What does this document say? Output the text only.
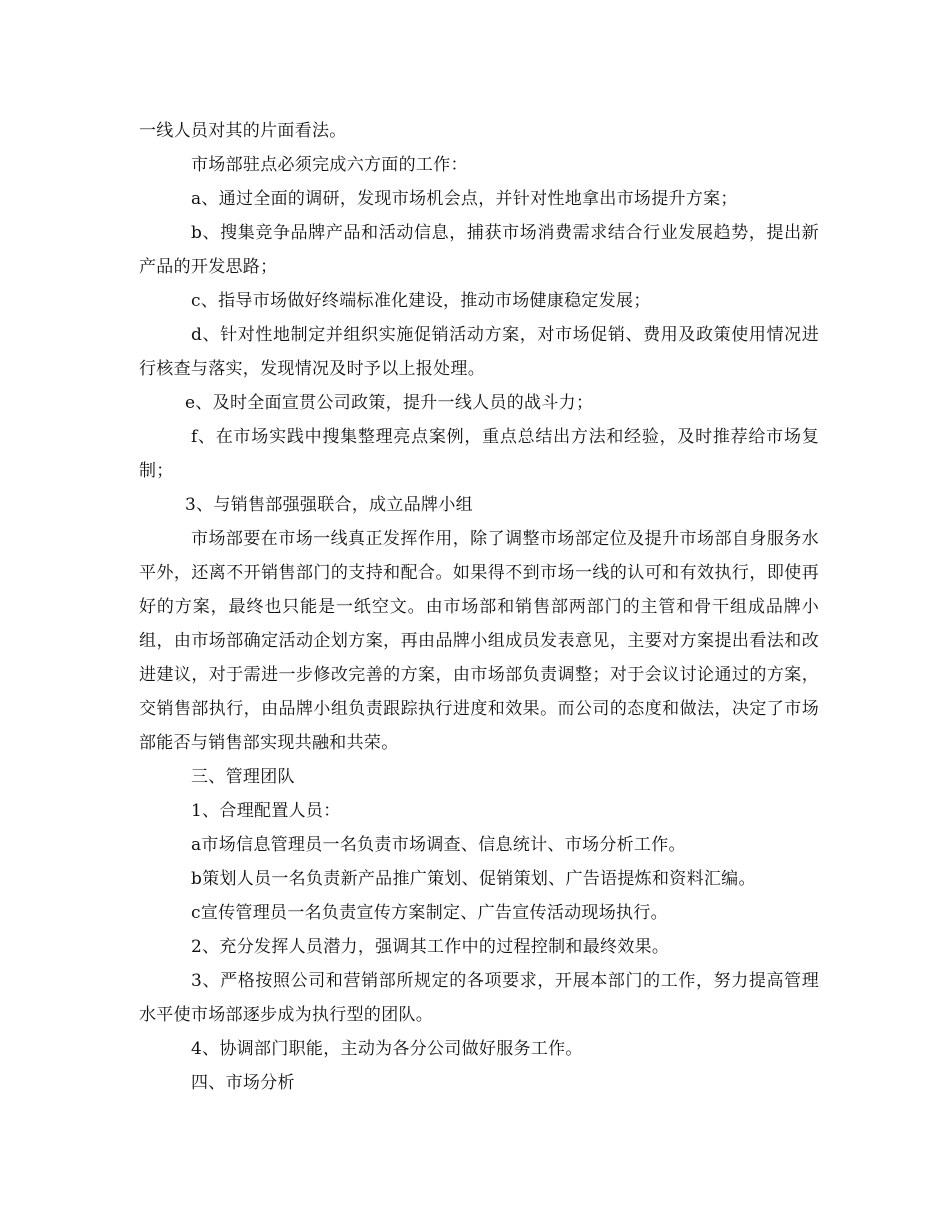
一线人员对其的片面看法。

市场部驻点必须完成六方面的工作：

a、通过全面的调研，发现市场机会点，并针对性地拿出市场提升方案；

b、搜集竞争品牌产品和活动信息，捕获市场消费需求结合行业发展趋势，提出新产品的开发思路；

c、指导市场做好终端标准化建设，推动市场健康稳定发展；

d、针对性地制定并组织实施促销活动方案，对市场促销、费用及政策使用情况进行核查与落实，发现情况及时予以上报处理。

e、及时全面宣贯公司政策，提升一线人员的战斗力；

f、在市场实践中搜集整理亮点案例，重点总结出方法和经验，及时推荐给市场复制；

3、与销售部强强联合，成立品牌小组

市场部要在市场一线真正发挥作用，除了调整市场部定位及提升市场部自身服务水平外，还离不开销售部门的支持和配合。如果得不到市场一线的认可和有效执行，即使再好的方案，最终也只能是一纸空文。由市场部和销售部两部门的主管和骨干组成品牌小组，由市场部确定活动企划方案，再由品牌小组成员发表意见，主要对方案提出看法和改进建议，对于需进一步修改完善的方案，由市场部负责调整；对于会议讨论通过的方案，交销售部执行，由品牌小组负责跟踪执行进度和效果。而公司的态度和做法，决定了市场部能否与销售部实现共融和共荣。

三、管理团队

1、合理配置人员：

a市场信息管理员一名负责市场调查、信息统计、市场分析工作。

b策划人员一名负责新产品推广策划、促销策划、广告语提炼和资料汇编。

c宣传管理员一名负责宣传方案制定、广告宣传活动现场执行。

2、充分发挥人员潜力，强调其工作中的过程控制和最终效果。

3、严格按照公司和营销部所规定的各项要求，开展本部门的工作，努力提高管理水平使市场部逐步成为执行型的团队。

4、协调部门职能，主动为各分公司做好服务工作。

四、市场分析
